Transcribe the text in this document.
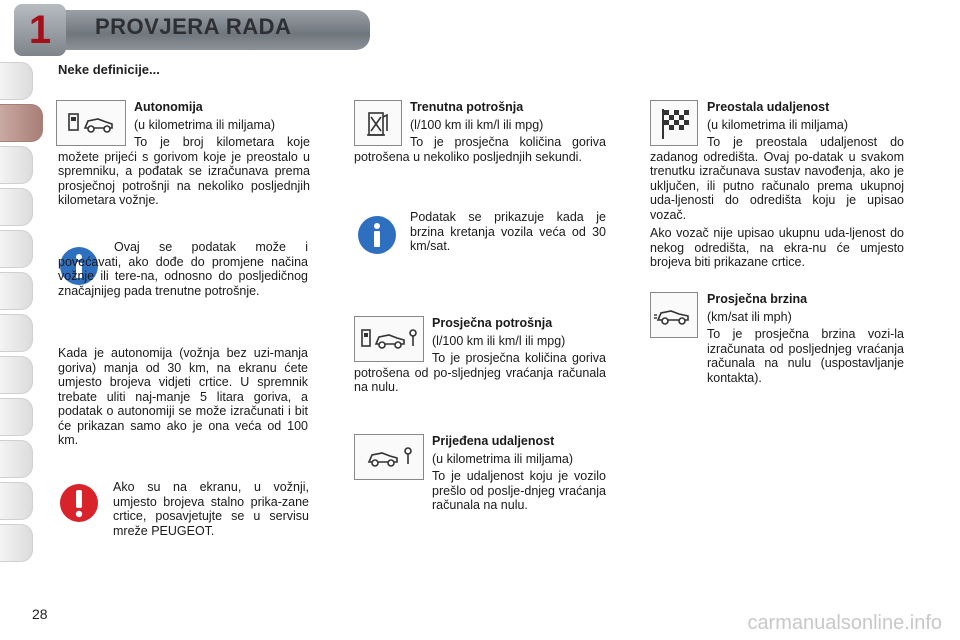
1 PROVJERA RADA
Neke definicije...
Autonomija
(u kilometrima ili miljama)

To je broj kilometara koje možete prijeći s gorivom koje je preostalo u spremniku, a pođatak se izračunava prema prosječnoj potrošnji na nekoliko posljednjih kilometara vožnje.

Ovaj se podatak može i povećavati, ako dođe do promjene načina vožnje ili tere-na, odnosno do posljedičnog značajnijeg pada trenutne potrošnje.

Kada je autonomija (vožnja bez uzi-manja goriva) manja od 30 km, na ekranu ćete umjesto brojeva vidjeti crtice. U spremnik trebate uliti naj-manje 5 litara goriva, a podatak o autonomiji se može izračunati i bit će prikazan samo ako je ona veća od 100 km.

Ako su na ekranu, u vožnji, umjesto brojeva stalno prika-zane crtice, posavjetujte se u servisu mreže PEUGEOT.

Trenutna potrošnja
(l/100 km ili km/l ili mpg)

To je prosječna količina goriva potrošena u nekoliko posljednjih sekundi.

Podatak se prikazuje kada je brzina kretanja vozila veća od 30 km/sat.

Prosječna potrošnja
(l/100 km ili km/l ili mpg)

To je prosječna količina goriva potrošena od po-sljednjeg vraćanja računala na nulu.

Prijeđena udaljenost
(u kilometrima ili miljama)

To je udaljenost koju je vozilo prešlo od poslje-dnjeg vraćanja računala na nulu.

Preostala udaljenost
(u kilometrima ili miljama)

To je preostala udaljenost do zadanog odredišta. Ovaj po-datak u svakom trenutku izračunava sustav navođenja, ako je uključen, ili putno računalo prema ukupnoj uda-ljenosti do odredišta koju je upisao vozač.

Ako vozač nije upisao ukupnu uda-ljenost do nekog odredišta, na ekra-nu će umjesto brojeva biti prikazane crtice.

Prosječna brzina
(km/sat ili mph)

To je prosječna brzina vozi-la izračunata od posljednjeg vraćanja računala na nulu (uspostavljanje kontakta).

28	carmanualsonline.info
